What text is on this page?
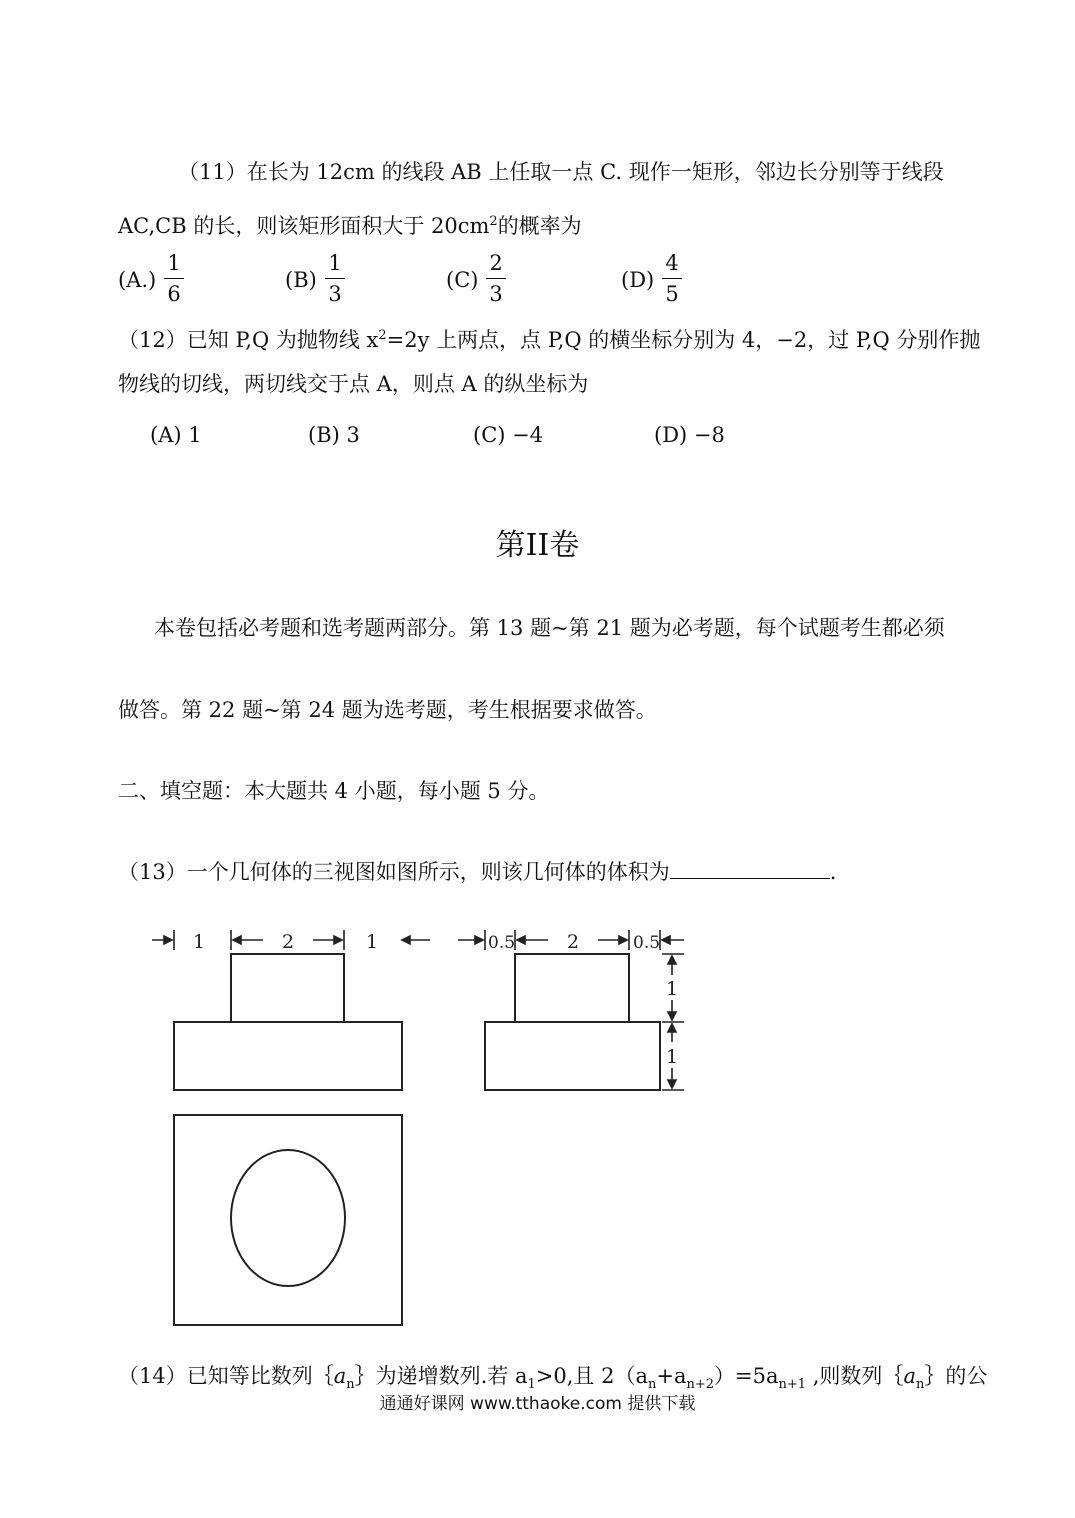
（11）在长为 12cm 的线段 AB 上任取一点 C. 现作一矩形，邻边长分别等于线段
AC,CB 的长，则该矩形面积大于 $20cm^2$的概率为
(A.)
1
6
(B)
1
3
(C)
2
3
(D)
4
5
（12）已知 P,Q 为抛物线 $x^2=2y$ 上两点，点 P,Q 的横坐标分别为 4，−2，过 P,Q 分别作抛
物线的切线，两切线交于点 A，则点 A 的纵坐标为
(A) 1	(B) 3	(C) −4	(D) −8
第II卷
本卷包括必考题和选考题两部分。第 13 题~第 21 题为必考题，每个试题考生都必须
做答。第 22 题~第 24 题为选考题，考生根据要求做答。
二、填空题：本大题共 4 小题，每小题 5 分。
（13）一个几何体的三视图如图所示，则该几何体的体积为	.
1	2	1	0.5	2	0.5
1
1
（14）已知等比数列$\{a_n\}$为递增数列.若 $a_1>0$,且 $2(a_n+a_{n+2})=5a_{n+1}$ ,则数列$\{a_n\}$的公
通通好课网 www.tthaoke.com 提供下载
